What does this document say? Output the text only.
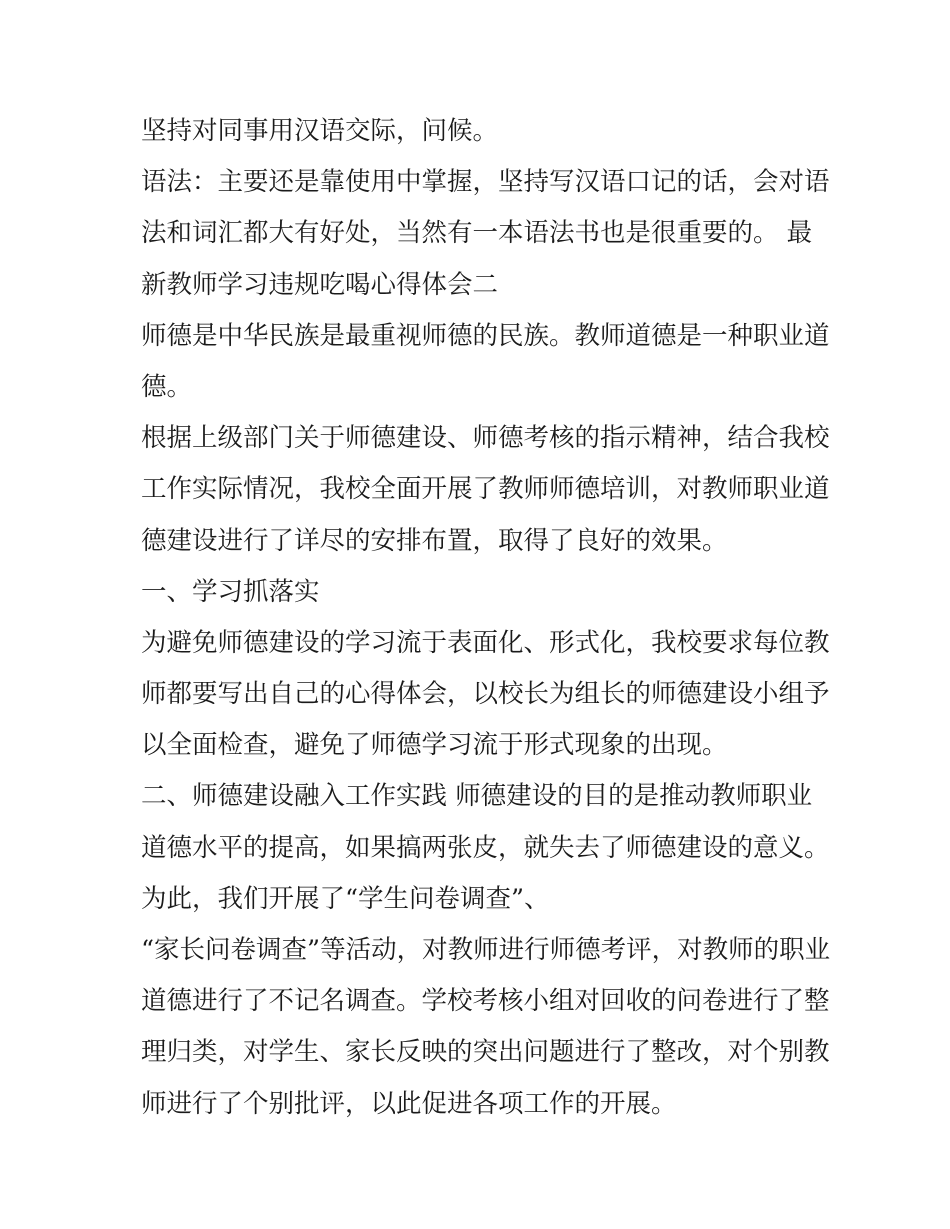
坚持对同事用汉语交际，问候。
语法：主要还是靠使用中掌握，坚持写汉语口记的话，会对语
法和词汇都大有好处，当然有一本语法书也是很重要的。 最
新教师学习违规吃喝心得体会二
师德是中华民族是最重视师德的民族。教师道德是一种职业道
德。
根据上级部门关于师德建设、师德考核的指示精神，结合我校
工作实际情况，我校全面开展了教师师德培训，对教师职业道
德建设进行了详尽的安排布置，取得了良好的效果。
一、学习抓落实
为避免师德建设的学习流于表面化、形式化，我校要求每位教
师都要写出自己的心得体会，以校长为组长的师德建设小组予
以全面检查，避免了师德学习流于形式现象的出现。
二、师德建设融入工作实践 师德建设的目的是推动教师职业
道德水平的提高，如果搞两张皮，就失去了师德建设的意义。
为此，我们开展了“学生问卷调查”、
“家长问卷调查”等活动，对教师进行师德考评，对教师的职业
道德进行了不记名调查。学校考核小组对回收的问卷进行了整
理归类，对学生、家长反映的突出问题进行了整改，对个别教
师进行了个别批评，以此促进各项工作的开展。
